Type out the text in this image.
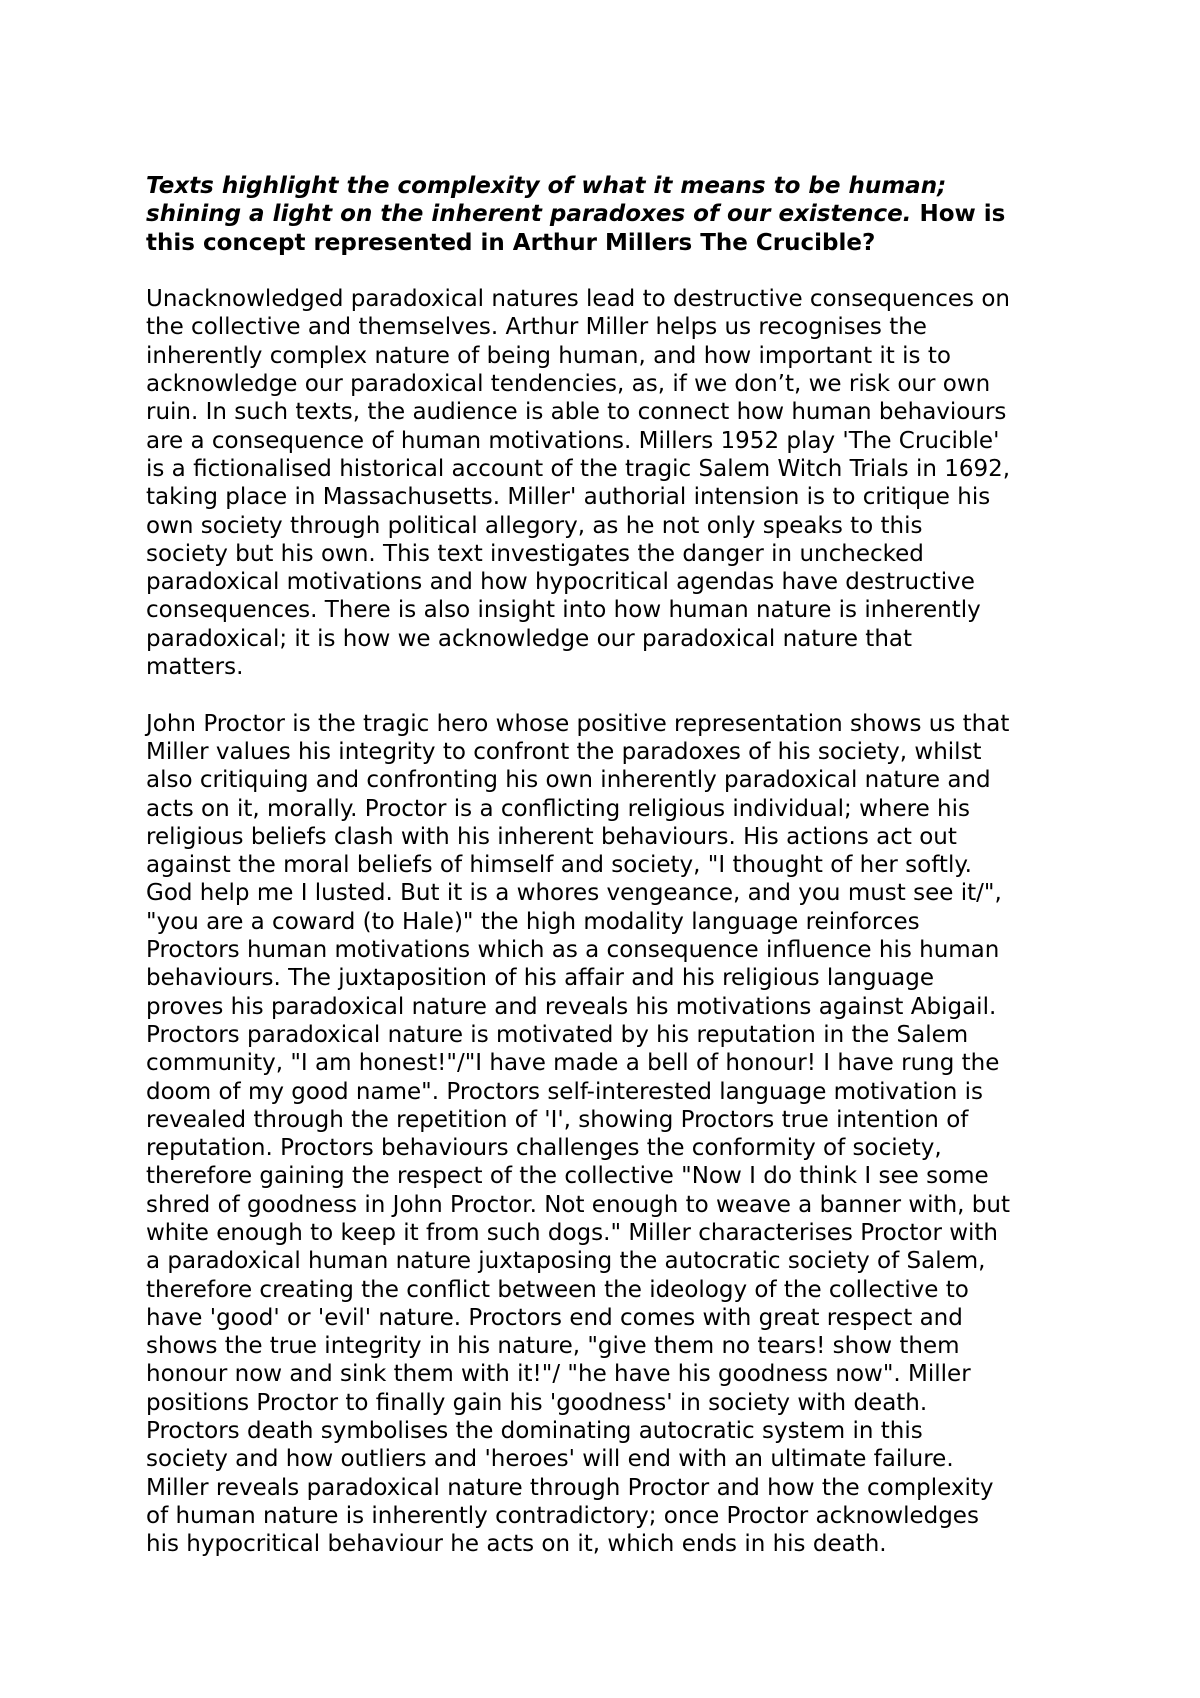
Texts highlight the complexity of what it means to be human;
shining a light on the inherent paradoxes of our existence. How is
this concept represented in Arthur Millers The Crucible?

Unacknowledged paradoxical natures lead to destructive consequences on
the collective and themselves. Arthur Miller helps us recognises the
inherently complex nature of being human, and how important it is to
acknowledge our paradoxical tendencies, as, if we don’t, we risk our own
ruin. In such texts, the audience is able to connect how human behaviours
are a consequence of human motivations. Millers 1952 play 'The Crucible'
is a fictionalised historical account of the tragic Salem Witch Trials in 1692,
taking place in Massachusetts. Miller' authorial intension is to critique his
own society through political allegory, as he not only speaks to this
society but his own. This text investigates the danger in unchecked
paradoxical motivations and how hypocritical agendas have destructive
consequences. There is also insight into how human nature is inherently
paradoxical; it is how we acknowledge our paradoxical nature that
matters.

John Proctor is the tragic hero whose positive representation shows us that
Miller values his integrity to confront the paradoxes of his society, whilst
also critiquing and confronting his own inherently paradoxical nature and
acts on it, morally. Proctor is a conflicting religious individual; where his
religious beliefs clash with his inherent behaviours. His actions act out
against the moral beliefs of himself and society, "I thought of her softly.
God help me I lusted. But it is a whores vengeance, and you must see it/",
"you are a coward (to Hale)" the high modality language reinforces
Proctors human motivations which as a consequence influence his human
behaviours. The juxtaposition of his affair and his religious language
proves his paradoxical nature and reveals his motivations against Abigail.
Proctors paradoxical nature is motivated by his reputation in the Salem
community, "I am honest!"/"I have made a bell of honour! I have rung the
doom of my good name". Proctors self-interested language motivation is
revealed through the repetition of 'I', showing Proctors true intention of
reputation. Proctors behaviours challenges the conformity of society,
therefore gaining the respect of the collective "Now I do think I see some
shred of goodness in John Proctor. Not enough to weave a banner with, but
white enough to keep it from such dogs." Miller characterises Proctor with
a paradoxical human nature juxtaposing the autocratic society of Salem,
therefore creating the conflict between the ideology of the collective to
have 'good' or 'evil' nature. Proctors end comes with great respect and
shows the true integrity in his nature, "give them no tears! show them
honour now and sink them with it!"/ "he have his goodness now". Miller
positions Proctor to finally gain his 'goodness' in society with death.
Proctors death symbolises the dominating autocratic system in this
society and how outliers and 'heroes' will end with an ultimate failure.
Miller reveals paradoxical nature through Proctor and how the complexity
of human nature is inherently contradictory; once Proctor acknowledges
his hypocritical behaviour he acts on it, which ends in his death.
